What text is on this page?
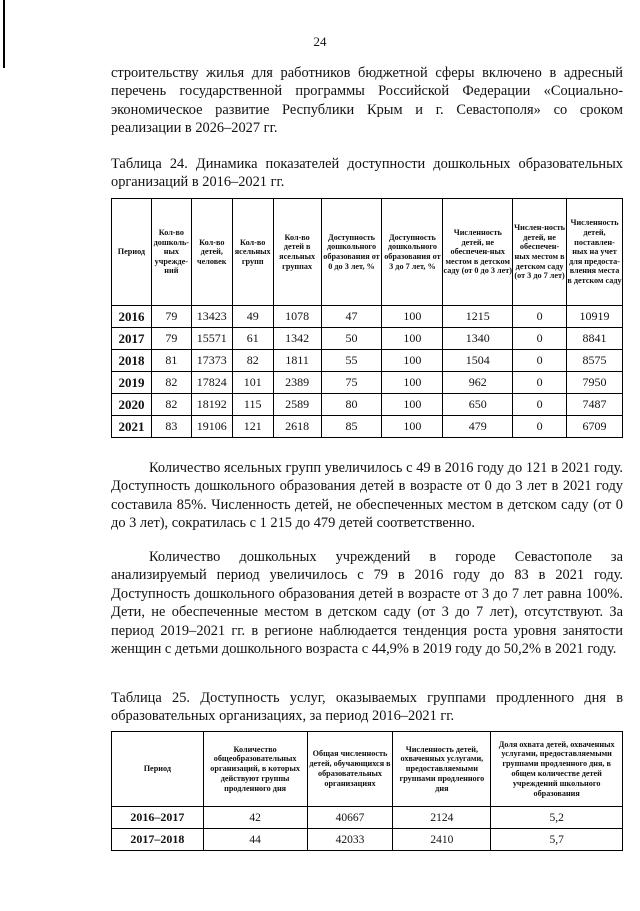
24
строительству жилья для работников бюджетной сферы включено в адресный перечень государственной программы Российской Федерации «Социально-экономическое развитие Республики Крым и г. Севастополя» со сроком реализации в 2026–2027 гг.
Таблица 24. Динамика показателей доступности дошкольных образовательных организаций в 2016–2021 гг.
Период	Кол-во дошколь-ных учрежде-ний	Кол-во детей, человек	Кол-во ясельных групп	Кол-во детей в ясельных группах	Доступность дошкольного образования от 0 до 3 лет, %	Доступность дошкольного образования от 3 до 7 лет, %	Численность детей, не обеспечен-ных местом в детском саду (от 0 до 3 лет)	Числен-ность детей, не обеспечен-ных местом в детском саду (от 3 до 7 лет)	Численность детей, поставлен-ных на учет для предоста-вления места в детском саду
2016	79	13423	49	1078	47	100	1215	0	10919
2017	79	15571	61	1342	50	100	1340	0	8841
2018	81	17373	82	1811	55	100	1504	0	8575
2019	82	17824	101	2389	75	100	962	0	7950
2020	82	18192	115	2589	80	100	650	0	7487
2021	83	19106	121	2618	85	100	479	0	6709
Количество ясельных групп увеличилось с 49 в 2016 году до 121 в 2021 году. Доступность дошкольного образования детей в возрасте от 0 до 3 лет в 2021 году составила 85%. Численность детей, не обеспеченных местом в детском саду (от 0 до 3 лет), сократилась с 1 215 до 479 детей соответственно.
Количество дошкольных учреждений в городе Севастополе за анализируемый период увеличилось с 79 в 2016 году до 83 в 2021 году. Доступность дошкольного образования детей в возрасте от 3 до 7 лет равна 100%. Дети, не обеспеченные местом в детском саду (от 3 до 7 лет), отсутствуют. За период 2019–2021 гг. в регионе наблюдается тенденция роста уровня занятости женщин с детьми дошкольного возраста с 44,9% в 2019 году до 50,2% в 2021 году.
Таблица 25. Доступность услуг, оказываемых группами продленного дня в образовательных организациях, за период 2016–2021 гг.
Период	Количество общеобразовательных организаций, в которых действуют группы продленного дня	Общая численность детей, обучающихся в образовательных организациях	Численность детей, охваченных услугами, предоставляемыми группами продленного дня	Доля охвата детей, охваченных услугами, предоставляемыми группами продленного дня, в общем количестве детей учреждений школьного образования
2016–2017	42	40667	2124	5,2
2017–2018	44	42033	2410	5,7
